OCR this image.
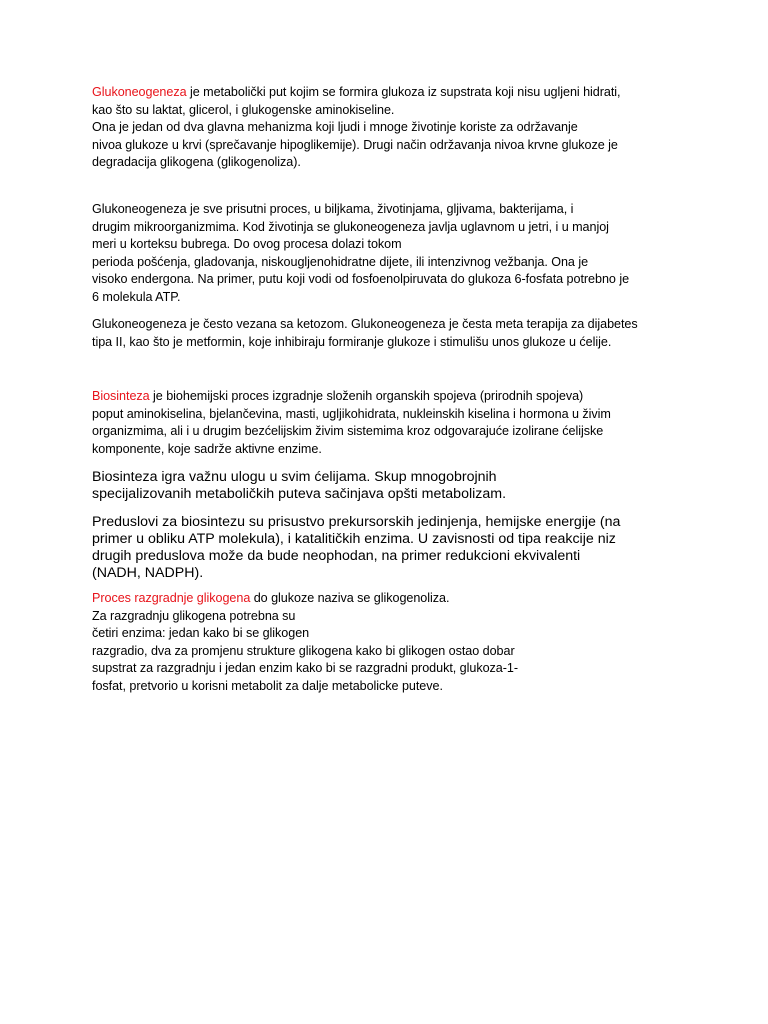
Glukoneogeneza je metabolički put kojim se formira glukoza iz supstrata koji nisu ugljeni hidrati,
kao što su laktat, glicerol, i glukogenske aminokiseline.
Ona je jedan od dva glavna mehanizma koji ljudi i mnoge životinje koriste za održavanje
nivoa glukoze u krvi (sprečavanje hipoglikemije). Drugi način održavanja nivoa krvne glukoze je
degradacija glikogena (glikogenoliza).

Glukoneogeneza je sve prisutni proces, u biljkama, životinjama, gljivama, bakterijama, i
drugim mikroorganizmima. Kod životinja se glukoneogeneza javlja uglavnom u jetri, i u manjoj
meri u korteksu bubrega. Do ovog procesa dolazi tokom
perioda pošćenja, gladovanja, niskougljenohidratne dijete, ili intenzivnog vežbanja. Ona je
visoko endergona. Na primer, putu koji vodi od fosfoenolpiruvata do glukoza 6-fosfata potrebno je
6 molekula ATP.

Glukoneogeneza je često vezana sa ketozom. Glukoneogeneza je česta meta terapija za dijabetes
tipa II, kao što je metformin, koje inhibiraju formiranje glukoze i stimulišu unos glukoze u ćelije.

Biosinteza je biohemijski proces izgradnje složenih organskih spojeva (prirodnih spojeva)
poput aminokiselina, bjelančevina, masti, ugljikohidrata, nukleinskih kiselina i hormona u živim
organizmima, ali i u drugim bezćelijskim živim sistemima kroz odgovarajuće izolirane ćelijske
komponente, koje sadrže aktivne enzime.

Biosinteza igra važnu ulogu u svim ćelijama. Skup mnogobrojnih
specijalizovanih metaboličkih puteva sačinjava opšti metabolizam.

Preduslovi za biosintezu su prisustvo prekursorskih jedinjenja, hemijske energije (na
primer u obliku ATP molekula), i katalitičkih enzima. U zavisnosti od tipa reakcije niz
drugih preduslova može da bude neophodan, na primer redukcioni ekvivalenti
(NADH, NADPH).

Proces razgradnje glikogena do glukoze naziva se glikogenoliza.
Za razgradnju glikogena potrebna su
četiri enzima: jedan kako bi se glikogen
razgradio, dva za promjenu strukture glikogena kako bi glikogen ostao dobar
supstrat za razgradnju i jedan enzim kako bi se razgradni produkt, glukoza-1-
fosfat, pretvorio u korisni metabolit za dalje metabolicke puteve.
